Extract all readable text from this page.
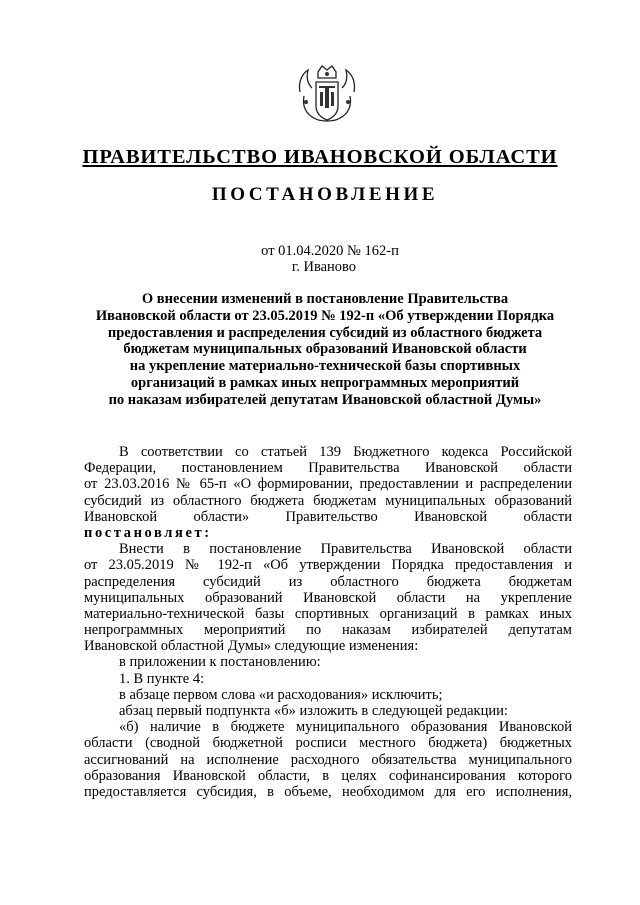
ПРАВИТЕЛЬСТВО ИВАНОВСКОЙ ОБЛАСТИ
ПОСТАНОВЛЕНИЕ
от 01.04.2020 № 162-п
г. Иваново
О внесении изменений в постановление Правительства
Ивановской области от 23.05.2019 № 192-п «Об утверждении Порядка
предоставления и распределения субсидий из областного бюджета
бюджетам муниципальных образований Ивановской области
на укрепление материально-технической базы спортивных
организаций в рамках иных непрограммных мероприятий
по наказам избирателей депутатам Ивановской областной Думы»
В соответствии со статьей 139 Бюджетного кодекса Российской
Федерации, постановлением Правительства Ивановской области
от 23.03.2016 № 65-п «О формировании, предоставлении и распределении
субсидий из областного бюджета бюджетам муниципальных образований
Ивановской области» Правительство Ивановской области
постановляет:
Внести в постановление Правительства Ивановской области
от 23.05.2019 № 192-п «Об утверждении Порядка предоставления и
распределения субсидий из областного бюджета бюджетам
муниципальных образований Ивановской области на укрепление
материально-технической базы спортивных организаций в рамках иных
непрограммных мероприятий по наказам избирателей депутатам
Ивановской областной Думы» следующие изменения:
в приложении к постановлению:
1. В пункте 4:
в абзаце первом слова «и расходования» исключить;
абзац первый подпункта «б» изложить в следующей редакции:
«б) наличие в бюджете муниципального образования Ивановской
области (сводной бюджетной росписи местного бюджета) бюджетных
ассигнований на исполнение расходного обязательства муниципального
образования Ивановской области, в целях софинансирования которого
предоставляется субсидия, в объеме, необходимом для его исполнения,
